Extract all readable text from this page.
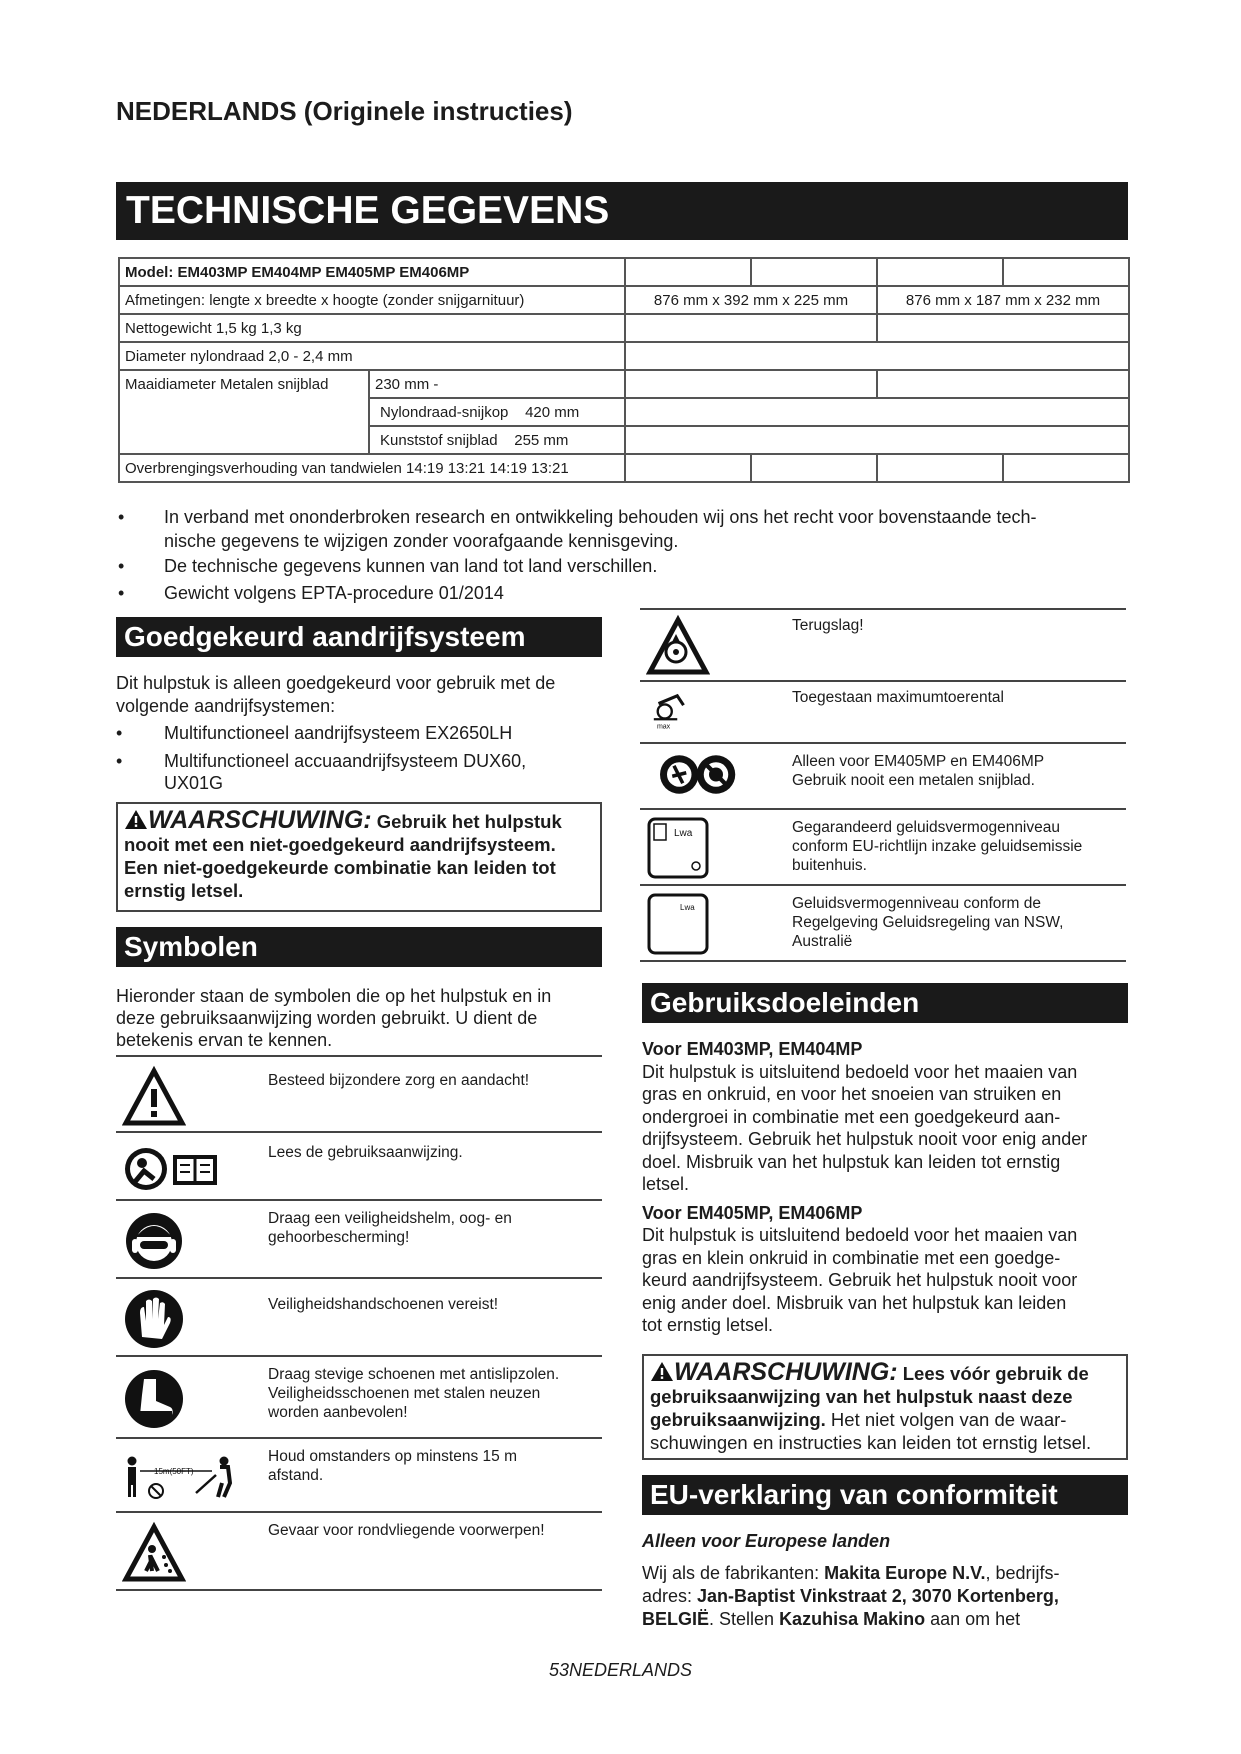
NEDERLANDS (Originele instructies)
TECHNISCHE GEGEVENS
Model: EM403MP EM404MP EM405MP EM406MP					
Afmetingen: lengte x breedte x hoogte (zonder snijgarnituur)		876 mm x 392 mm x 225 mm		876 mm x 187 mm x 232 mm	
Nettogewicht 1,5 kg 1,3 kg					
Diameter nylondraad 2,0 - 2,4 mm					
Maaidiameter Metalen snijblad	230 mm -				
	Nylondraad-snijkop    420 mm				
	Kunststof snijblad    255 mm				
Overbrengingsverhouding van tandwielen 14:19 13:21 14:19 13:21					
• In verband met ononderbroken research en ontwikkeling behouden wij ons het recht voor bovenstaande tech-
nische gegevens te wijzigen zonder voorafgaande kennisgeving.
• De technische gegevens kunnen van land tot land verschillen.
• Gewicht volgens EPTA-procedure 01/2014
Goedgekeurd aandrijfsysteem
Dit hulpstuk is alleen goedgekeurd voor gebruik met de
volgende aandrijfsystemen:
• Multifunctioneel aandrijfsysteem EX2650LH
• Multifunctioneel accuaandrijfsysteem DUX60,
UX01G
WAARSCHUWING: Gebruik het hulpstuk
nooit met een niet-goedgekeurd aandrijfsysteem.
Een niet-goedgekeurde combinatie kan leiden tot
ernstig letsel.
Symbolen
Hieronder staan de symbolen die op het hulpstuk en in
deze gebruiksaanwijzing worden gebruikt. U dient de
betekenis ervan te kennen.
Besteed bijzondere zorg en aandacht!
Lees de gebruiksaanwijzing.
Draag een veiligheidshelm, oog- en
gehoorbescherming!
Veiligheidshandschoenen vereist!
Draag stevige schoenen met antislipzolen.
Veiligheidsschoenen met stalen neuzen
worden aanbevolen!
15m(50FT)
Houd omstanders op minstens 15 m
afstand.
Gevaar voor rondvliegende voorwerpen!
Terugslag!
max
Toegestaan maximumtoerental
Alleen voor EM405MP en EM406MP
Gebruik nooit een metalen snijblad.
Lwa	Gegarandeerd geluidsvermogenniveau
conform EU-richtlijn inzake geluidsemissie
buitenhuis.
Lwa	Geluidsvermogenniveau conform de
Regelgeving Geluidsregeling van NSW,
Australië
Gebruiksdoeleinden
Voor EM403MP, EM404MP
Dit hulpstuk is uitsluitend bedoeld voor het maaien van
gras en onkruid, en voor het snoeien van struiken en
ondergroei in combinatie met een goedgekeurd aan-
drijfsysteem. Gebruik het hulpstuk nooit voor enig ander
doel. Misbruik van het hulpstuk kan leiden tot ernstig
letsel.
Voor EM405MP, EM406MP
Dit hulpstuk is uitsluitend bedoeld voor het maaien van
gras en klein onkruid in combinatie met een goedge-
keurd aandrijfsysteem. Gebruik het hulpstuk nooit voor
enig ander doel. Misbruik van het hulpstuk kan leiden
tot ernstig letsel.
WAARSCHUWING: Lees vóór gebruik de
gebruiksaanwijzing van het hulpstuk naast deze
gebruiksaanwijzing. Het niet volgen van de waar-
schuwingen en instructies kan leiden tot ernstig letsel.
EU-verklaring van conformiteit
Alleen voor Europese landen
Wij als de fabrikanten: Makita Europe N.V., bedrijfs-
adres: Jan-Baptist Vinkstraat 2, 3070 Kortenberg,
BELGIË. Stellen Kazuhisa Makino aan om het
53NEDERLANDS
